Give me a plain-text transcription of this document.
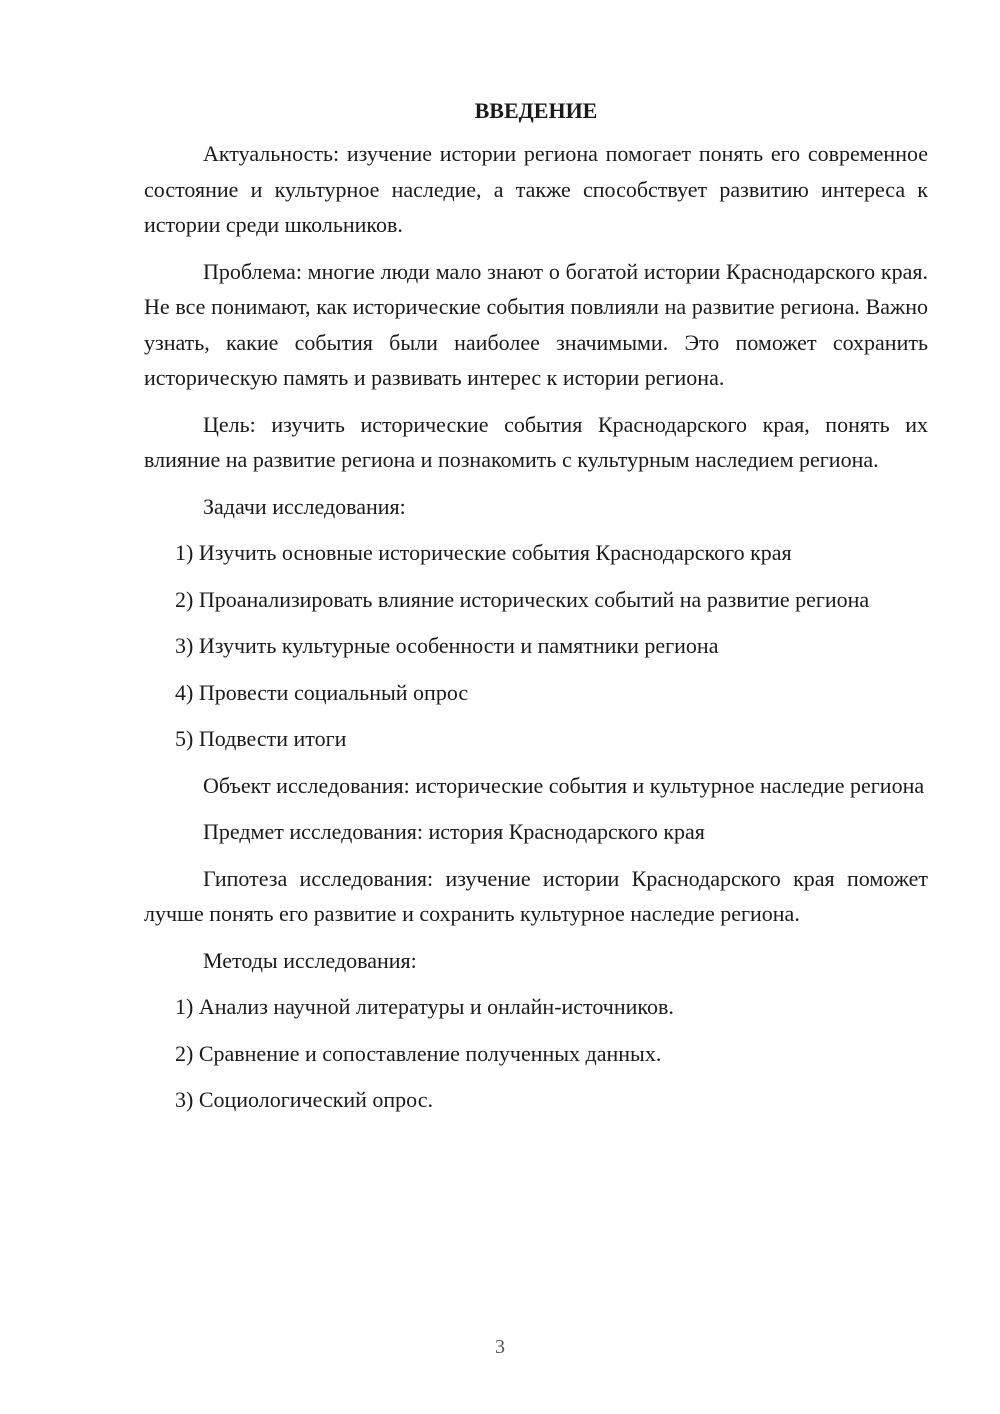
ВВЕДЕНИЕ

Актуальность: изучение истории региона помогает понять его современное состояние и культурное наследие, а также способствует развитию интереса к истории среди школьников.

Проблема: многие люди мало знают о богатой истории Краснодарского края. Не все понимают, как исторические события повлияли на развитие региона. Важно узнать, какие события были наиболее значимыми. Это поможет сохранить историческую память и развивать интерес к истории региона.

Цель: изучить исторические события Краснодарского края, понять их влияние на развитие региона и познакомить с культурным наследием региона.

Задачи исследования:

1) Изучить основные исторические события Краснодарского края

2) Проанализировать влияние исторических событий на развитие региона

3) Изучить культурные особенности и памятники региона

4) Провести социальный опрос

5) Подвести итоги

Объект исследования: исторические события и культурное наследие региона

Предмет исследования: история Краснодарского края

Гипотеза исследования: изучение истории Краснодарского края поможет лучше понять его развитие и сохранить культурное наследие региона.

Методы исследования:

1) Анализ научной литературы и онлайн-источников.

2) Сравнение и сопоставление полученных данных.

3) Социологический опрос.

3
